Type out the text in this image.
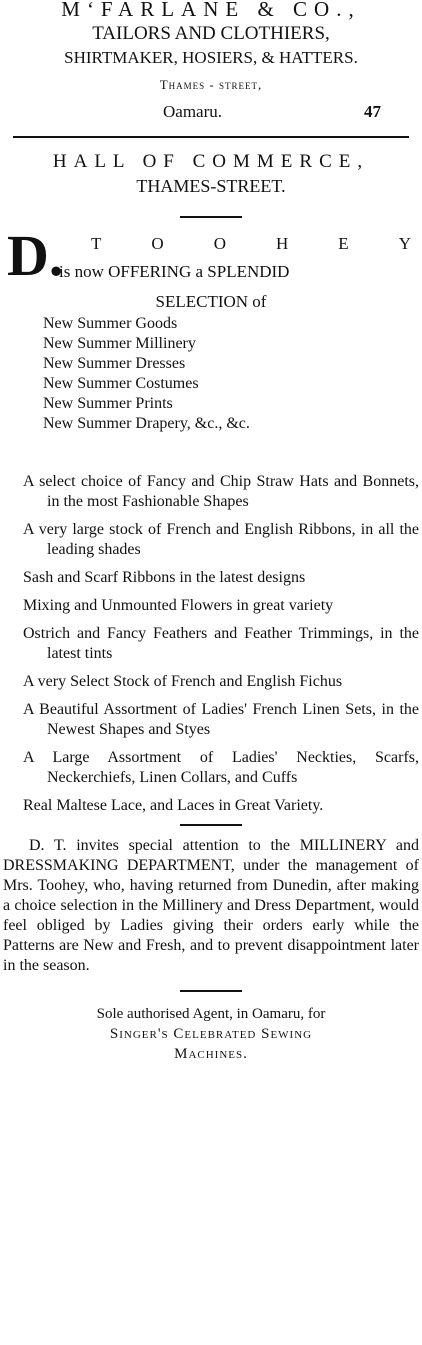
M‘FARLANE & CO.,
TAILORS AND CLOTHIERS,
SHIRTMAKER, HOSIERS, & HATTERS.
Thames - street,
Oamaru.	47
HALL OF COMMERCE,
THAMES-STREET.
D. T	O	O	H	E	Y
is now OFFERING a SPLENDID
SELECTION of
New Summer Goods
New Summer Millinery
New Summer Dresses
New Summer Costumes
New Summer Prints
New Summer Drapery, &c., &c.
A select choice of Fancy and Chip Straw Hats and Bonnets, in the most Fashionable Shapes
A very large stock of French and English Ribbons, in all the leading shades
Sash and Scarf Ribbons in the latest designs
Mixing and Unmounted Flowers in great variety
Ostrich and Fancy Feathers and Feather Trimmings, in the latest tints
A very Select Stock of French and English Fichus
A Beautiful Assortment of Ladies' French Linen Sets, in the Newest Shapes and Styes
A Large Assortment of Ladies' Neckties, Scarfs, Neckerchiefs, Linen Collars, and Cuffs
Real Maltese Lace, and Laces in Great Variety.

D. T. invites special attention to the MILLINERY and DRESSMAKING DEPARTMENT, under the management of Mrs. Toohey, who, having returned from Dunedin, after making a choice selection in the Millinery and Dress Department, would feel obliged by Ladies giving their orders early while the Patterns are New and Fresh, and to prevent disappointment later in the season.

Sole authorised Agent, in Oamaru, for
Singer's Celebrated Sewing
Machines.
